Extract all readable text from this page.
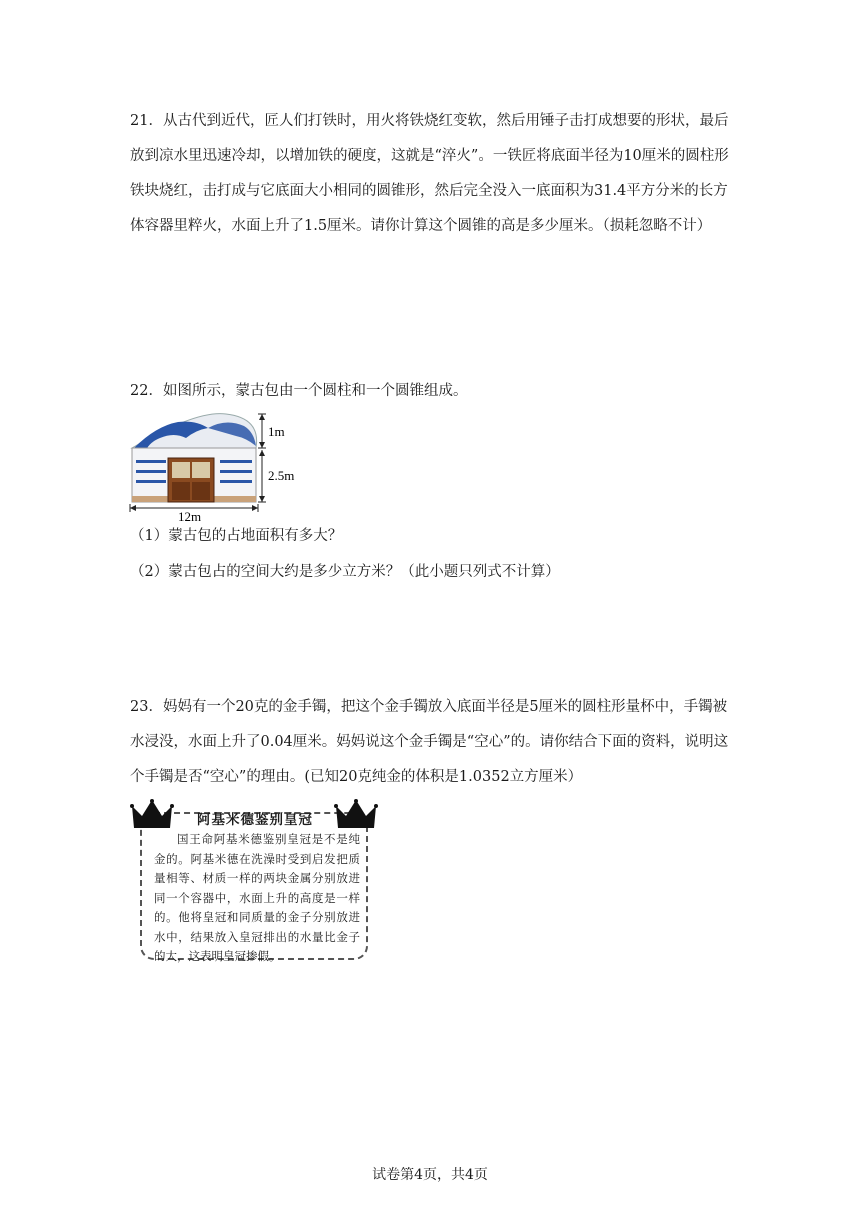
21．从古代到近代，匠人们打铁时，用火将铁烧红变软，然后用锤子击打成想要的形状，最后放到凉水里迅速冷却，以增加铁的硬度，这就是“淬火”。一铁匠将底面半径为10厘米的圆柱形铁块烧红，击打成与它底面大小相同的圆锥形，然后完全没入一底面积为31.4平方分米的长方体容器里粹火，水面上升了1.5厘米。请你计算这个圆锥的高是多少厘米。（损耗忽略不计）
22．如图所示，蒙古包由一个圆柱和一个圆锥组成。
1m
2.5m
12m
（1）蒙古包的占地面积有多大？
（2）蒙古包占的空间大约是多少立方米？（此小题只列式不计算）
23．妈妈有一个20克的金手镯，把这个金手镯放入底面半径是5厘米的圆柱形量杯中，手镯被水浸没，水面上升了0.04厘米。妈妈说这个金手镯是“空心”的。请你结合下面的资料，说明这个手镯是否“空心”的理由。(已知20克纯金的体积是1.0352立方厘米）
阿基米德鉴别皇冠
国王命阿基米德鉴别皇冠是不是纯金的。阿基米德在洗澡时受到启发把质量相等、材质一样的两块金属分别放进同一个容器中，水面上升的高度是一样的。他将皇冠和同质量的金子分别放进水中，结果放入皇冠排出的水量比金子的大，这表明皇冠掺假。
试卷第4页，共4页
